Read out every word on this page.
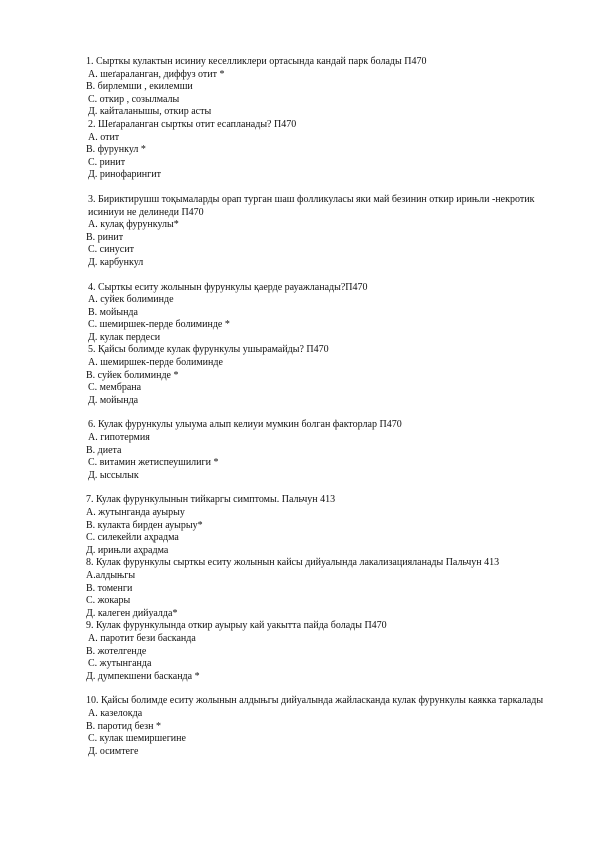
1. Сырткы кулактын исиниу кеселликлери ортасында кандай парк болады П470
А. шеґараланган, диффуз отит *
В. бирлемши , екилемши
С. откир , созылмалы
Д. кайталанышы, откир асты
2. Шеґараланган сырткы отит есапланады? П470
А. отит
В. фурункул *
С. ринит
Д. ринофарингит
3. Бириктирушш тоқымаларды орап турган шаш фолликуласы яки май безинин откир ирињли -некротик исиниуи не делинеди П470
А. кулақ фурункулы*
В. ринит
С. синусит
Д. карбункул
4. Сырткы еситу жолынын фурункулы қаерде рауажланады?П470
А. суйек болиминде
В. мойында
С. шемиршек-перде болиминде *
Д. кулак пердеси
5. Қайсы болимде кулак фурункулы ушырамайды? П470
А. шемиршек-перде болиминде
В. суйек болиминде *
С. мембрана
Д. мойында
6. Кулак фурункулы улыума алып келиуи мумкин болган факторлар П470
А. гипотермия
В. диета
С. витамин жетиспеушилиги *
Д. ыссылык
7. Кулак фурункулынын тийкаргы симптомы. Пальчун 413
А. жутынганда ауырыу
В. кулакта бирден ауырыу*
С. силекейли аҳрадма
Д. ирињли аҳрадма
8. Кулак фурункулы сырткы еситу жолынын кайсы дийуалында лакализацияланады Пальчун 413
А.алдыњгы
В. томенги
С. жокары
Д. калеген дийуалда*
9. Кулак фурункулында откир ауырыу кай уакытта пайда болады П470
А. паротит бези басканда
В. жотелгенде
С. жутынганда
Д. думпекшени басканда *
10. Қайсы болимде еситу жолынын алдыњгы дийуалында жайласканда кулак фурункулы каякка таркалады
А. казелокда
В. паротид безн *
С. кулак шемиршегине
Д. осимтеге
